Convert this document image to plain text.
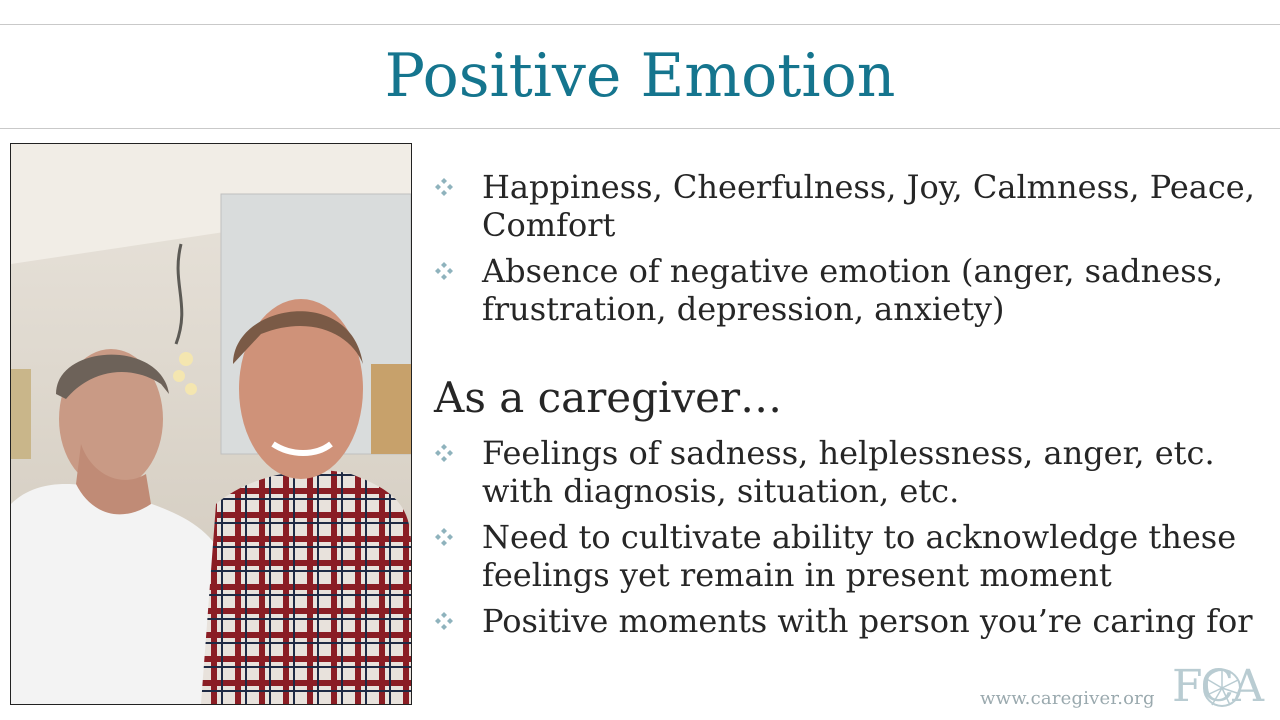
Positive Emotion
Happiness, Cheerfulness, Joy, Calmness, Peace, Comfort
Absence of negative emotion (anger, sadness, frustration, depression, anxiety)
As a caregiver…
Feelings of sadness, helplessness, anger, etc. with diagnosis, situation, etc.
Need to cultivate ability to acknowledge these feelings yet remain in present moment
Positive moments with person you’re caring for
www.caregiver.org FCA
